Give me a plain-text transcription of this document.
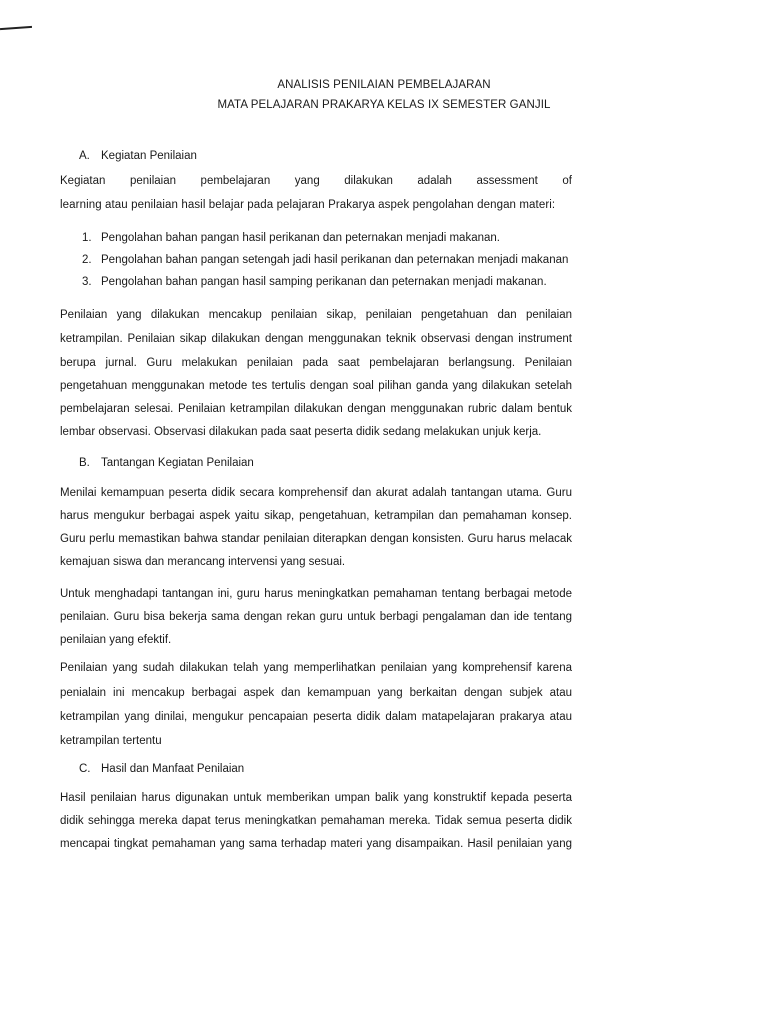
ANALISIS PENILAIAN PEMBELAJARAN
MATA PELAJARAN PRAKARYA KELAS IX SEMESTER GANJIL
A. Kegiatan Penilaian
Kegiatan penilaian pembelajaran yang dilakukan adalah assessment of
learning atau penilaian hasil belajar pada pelajaran Prakarya aspek pengolahan dengan materi:
1. Pengolahan bahan pangan hasil perikanan dan peternakan menjadi makanan.
2. Pengolahan bahan pangan setengah jadi hasil perikanan dan peternakan menjadi makanan
3. Pengolahan bahan pangan hasil samping perikanan dan peternakan menjadi makanan.
Penilaian yang dilakukan mencakup penilaian sikap, penilaian pengetahuan dan penilaian
ketrampilan. Penilaian sikap dilakukan dengan menggunakan teknik observasi dengan instrument
berupa jurnal. Guru melakukan penilaian pada saat pembelajaran berlangsung. Penilaian
pengetahuan menggunakan metode tes tertulis dengan soal pilihan ganda yang dilakukan setelah
pembelajaran selesai. Penilaian ketrampilan dilakukan dengan menggunakan rubric dalam bentuk
lembar observasi. Observasi dilakukan pada saat peserta didik sedang melakukan unjuk kerja.
B. Tantangan Kegiatan Penilaian
Menilai kemampuan peserta didik secara komprehensif dan akurat adalah tantangan utama. Guru
harus mengukur berbagai aspek yaitu sikap, pengetahuan, ketrampilan dan pemahaman konsep.
Guru perlu memastikan bahwa standar penilaian diterapkan dengan konsisten. Guru harus melacak
kemajuan siswa dan merancang intervensi yang sesuai.
Untuk menghadapi tantangan ini, guru harus meningkatkan pemahaman tentang berbagai metode
penilaian. Guru bisa bekerja sama dengan rekan guru untuk berbagi pengalaman dan ide tentang
penilaian yang efektif.
Penilaian yang sudah dilakukan telah yang memperlihatkan penilaian yang komprehensif karena
penialain ini mencakup berbagai aspek dan kemampuan yang berkaitan dengan subjek atau
ketrampilan yang dinilai, mengukur pencapaian peserta didik dalam matapelajaran prakarya atau
ketrampilan tertentu
C. Hasil dan Manfaat Penilaian
Hasil penilaian harus digunakan untuk memberikan umpan balik yang konstruktif kepada peserta
didik sehingga mereka dapat terus meningkatkan pemahaman mereka. Tidak semua peserta didik
mencapai tingkat pemahaman yang sama terhadap materi yang disampaikan. Hasil penilaian yang
